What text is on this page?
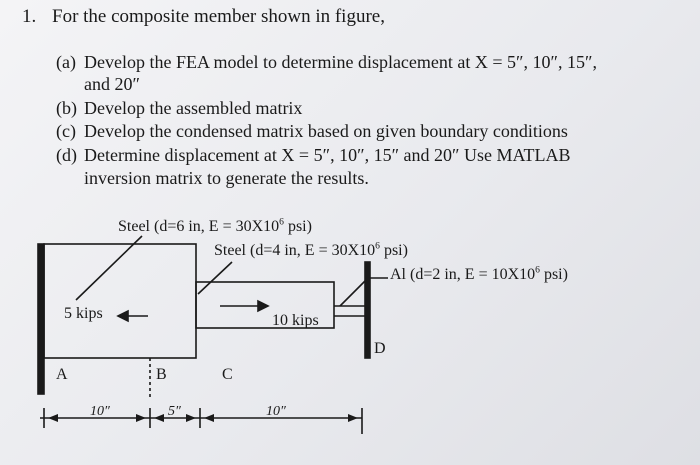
1. For the composite member shown in figure,
(a) Develop the FEA model to determine displacement at X = 5″, 10″, 15″,
and 20″
(b) Develop the assembled matrix
(c) Develop the condensed matrix based on given boundary conditions
(d) Determine displacement at X = 5″, 10″, 15″ and 20″ Use MATLAB
inversion matrix to generate the results.
Steel (d=6 in, $E = 30X10^6$ psi)
Steel (d=4 in, $E = 30X10^6$ psi)
Al (d=2 in, $E = 10X10^6$ psi)
5 kips	10 kips
A	B	C
D
10″	5″	10″
